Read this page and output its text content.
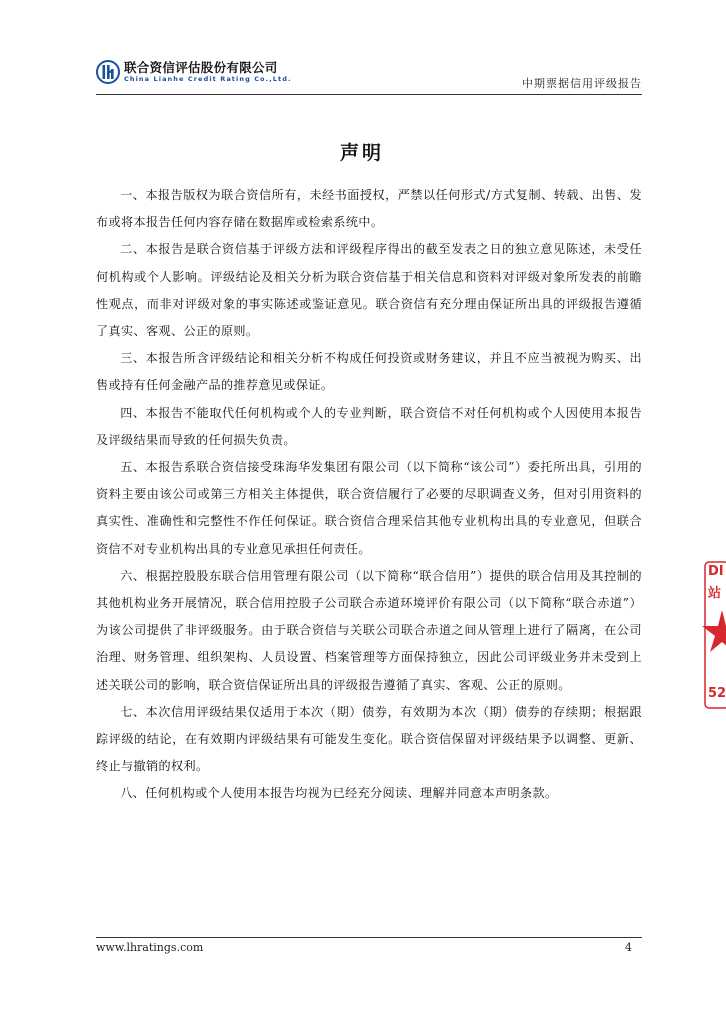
联合资信评估股份有限公司
China Lianhe Credit Rating Co.,Ltd.	中期票据信用评级报告
声明

一、本报告版权为联合资信所有，未经书面授权，严禁以任何形式/方式复制、转载、出售、发布或将本报告任何内容存储在数据库或检索系统中。

二、本报告是联合资信基于评级方法和评级程序得出的截至发表之日的独立意见陈述，未受任何机构或个人影响。评级结论及相关分析为联合资信基于相关信息和资料对评级对象所发表的前瞻性观点，而非对评级对象的事实陈述或鉴证意见。联合资信有充分理由保证所出具的评级报告遵循了真实、客观、公正的原则。

三、本报告所含评级结论和相关分析不构成任何投资或财务建议，并且不应当被视为购买、出售或持有任何金融产品的推荐意见或保证。

四、本报告不能取代任何机构或个人的专业判断，联合资信不对任何机构或个人因使用本报告及评级结果而导致的任何损失负责。

五、本报告系联合资信接受珠海华发集团有限公司（以下简称“该公司”）委托所出具，引用的资料主要由该公司或第三方相关主体提供，联合资信履行了必要的尽职调查义务，但对引用资料的真实性、准确性和完整性不作任何保证。联合资信合理采信其他专业机构出具的专业意见，但联合资信不对专业机构出具的专业意见承担任何责任。

六、根据控股股东联合信用管理有限公司（以下简称“联合信用”）提供的联合信用及其控制的其他机构业务开展情况，联合信用控股子公司联合赤道环境评价有限公司（以下简称“联合赤道”）为该公司提供了非评级服务。由于联合资信与关联公司联合赤道之间从管理上进行了隔离，在公司治理、财务管理、组织架构、人员设置、档案管理等方面保持独立，因此公司评级业务并未受到上述关联公司的影响，联合资信保证所出具的评级报告遵循了真实、客观、公正的原则。

七、本次信用评级结果仅适用于本次（期）债券，有效期为本次（期）债券的存续期；根据跟踪评级的结论，在有效期内评级结果有可能发生变化。联合资信保留对评级结果予以调整、更新、终止与撤销的权利。

八、任何机构或个人使用本报告均视为已经充分阅读、理解并同意本声明条款。

www.lhratings.com	4
DI
站
52
